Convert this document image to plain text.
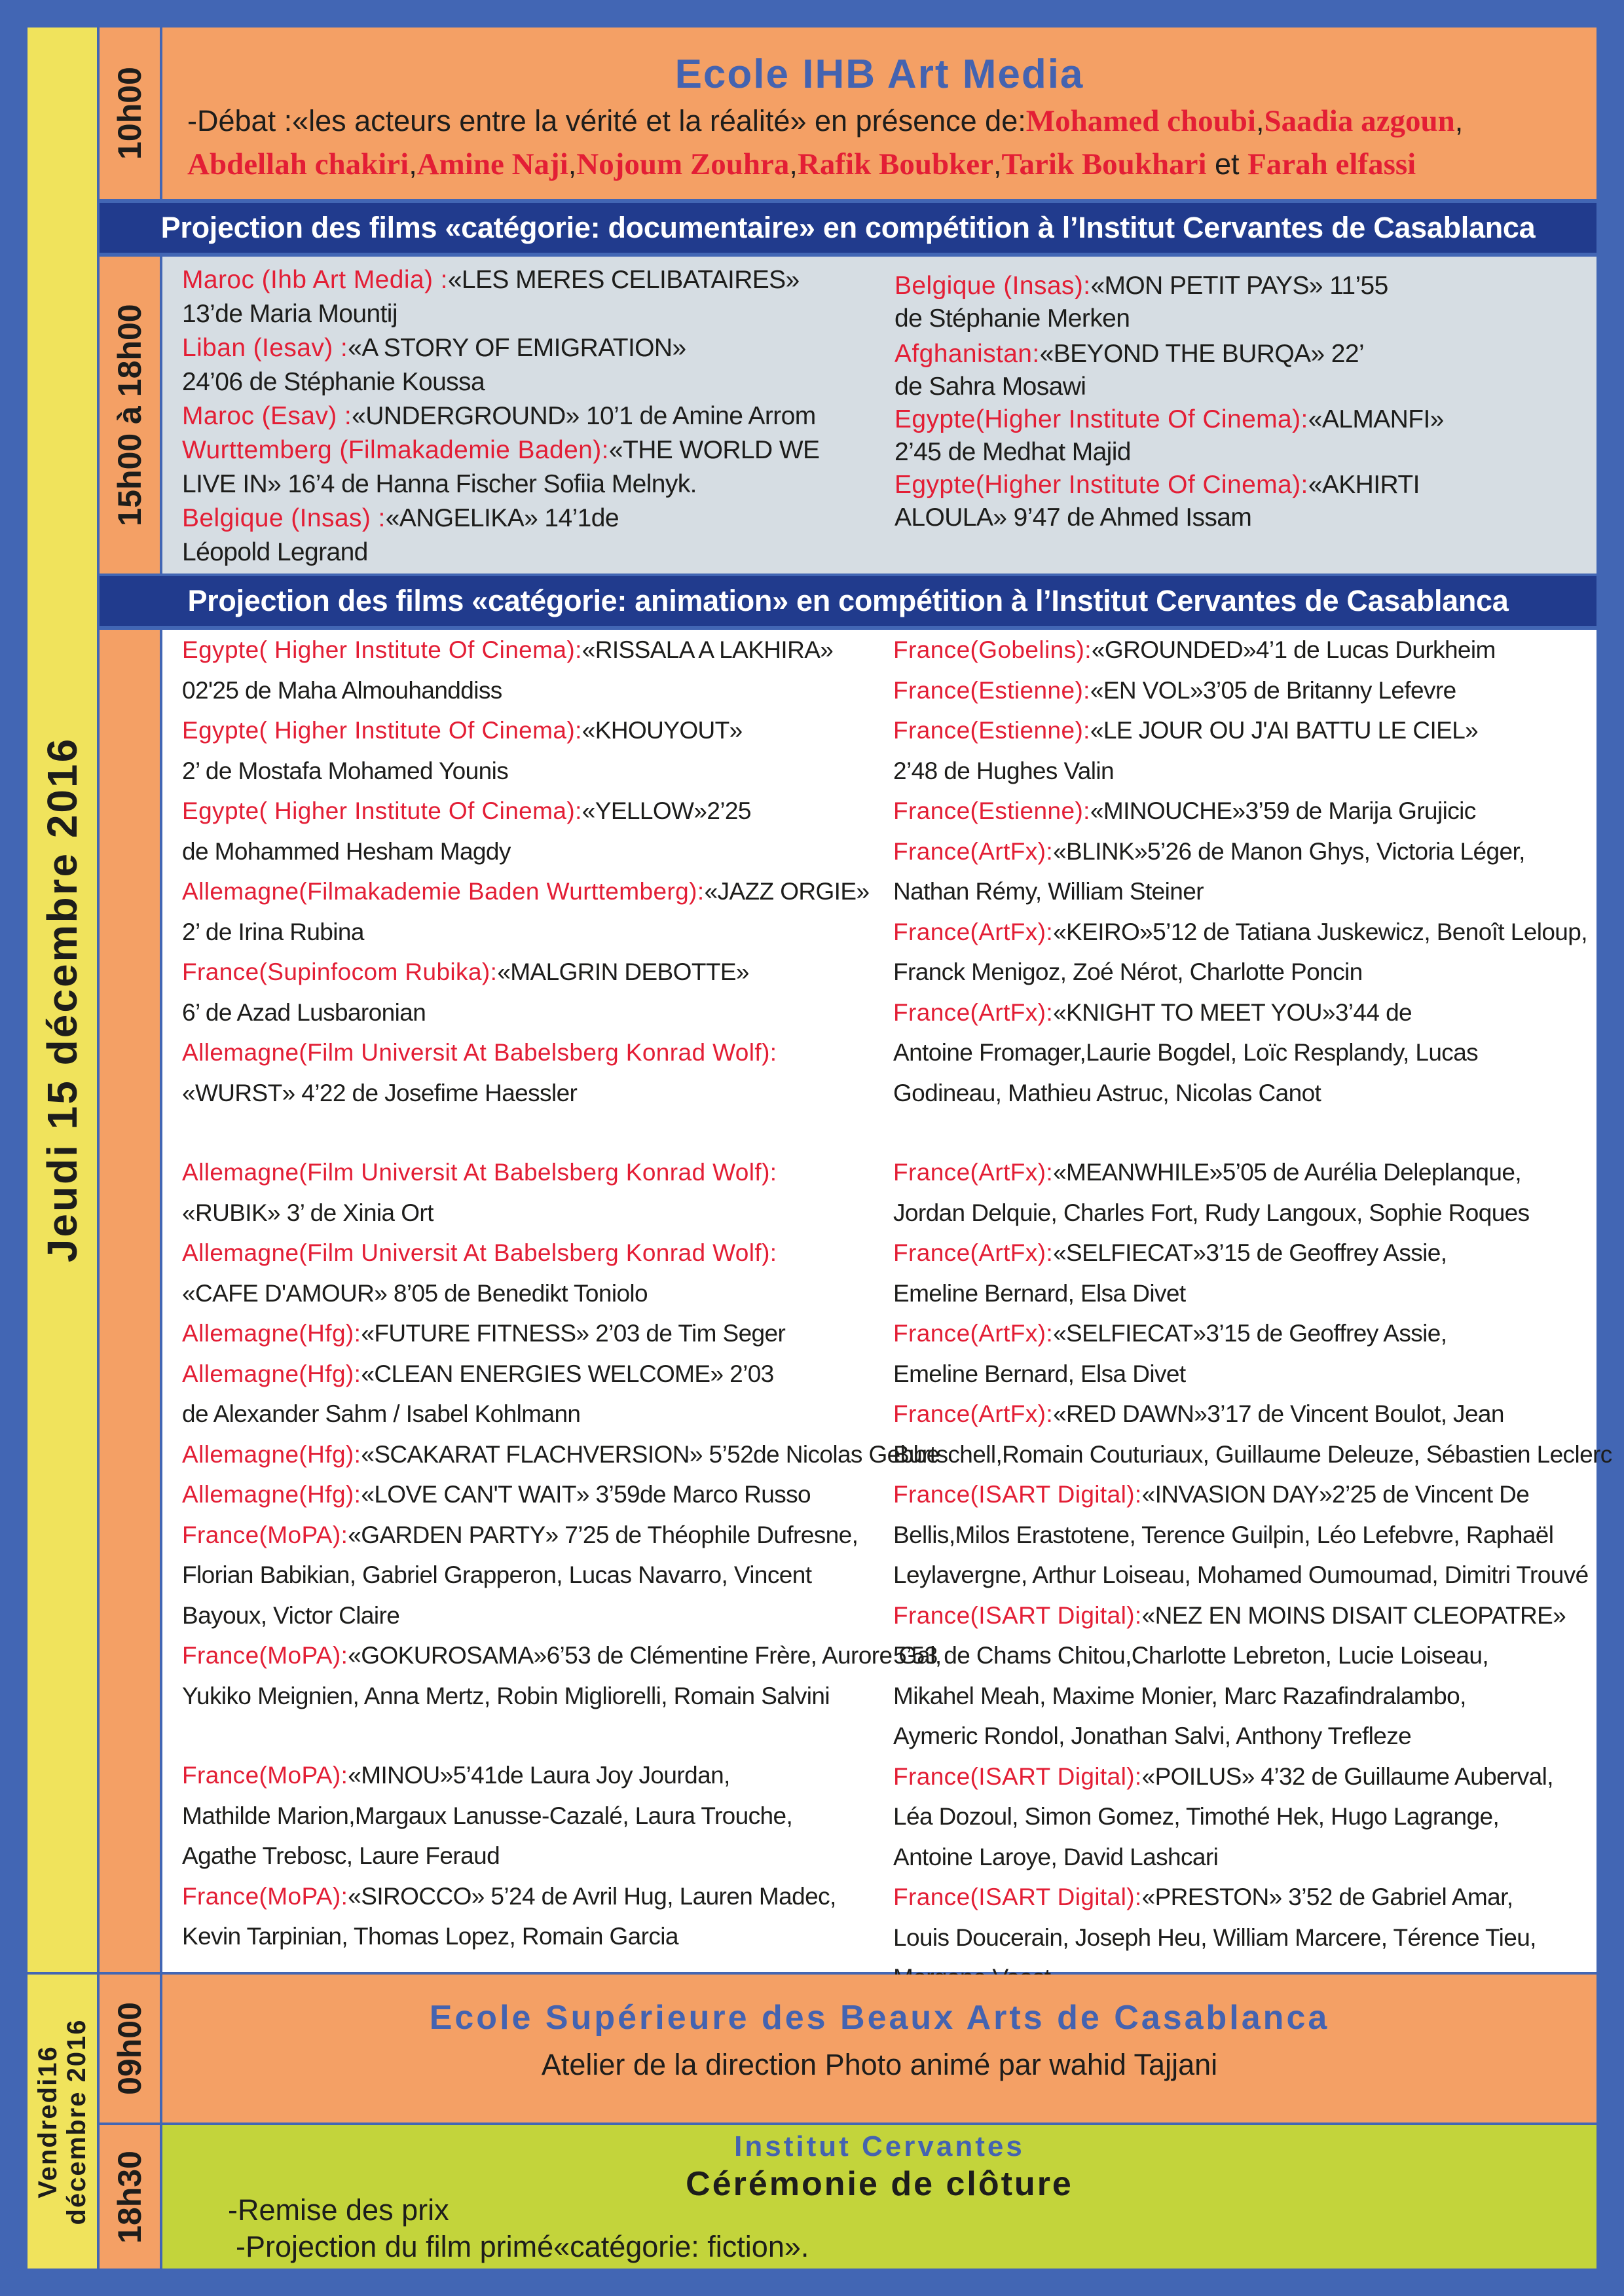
Jeudi 15 décembre 2016
Vendredi16 décembre 2016
10h00	Ecole IHB Art Media
-Débat :«les acteurs entre la vérité et la réalité» en présence de:Mohamed choubi,Saadia azgoun,
Abdellah chakiri,Amine Naji,Nojoum Zouhra,Rafik Boubker,Tarik Boukhari et Farah elfassi
Projection des films «catégorie: documentaire» en compétition à l’Institut Cervantes de Casablanca
15h00 à 18h00
Maroc (Ihb Art Media) :«LES MERES CELIBATAIRES»
13’de Maria Mountij
Liban (Iesav) :«A STORY OF EMIGRATION»
24’06 de Stéphanie Koussa
Maroc (Esav) :«UNDERGROUND» 10’1 de Amine Arrom
Wurttemberg (Filmakademie Baden):«THE WORLD WE
LIVE IN» 16’4 de Hanna Fischer Sofiia Melnyk.
Belgique (Insas) :«ANGELIKA» 14’1de
Léopold Legrand
Belgique (Insas):«MON PETIT PAYS» 11’55
de Stéphanie Merken
Afghanistan:«BEYOND THE BURQA» 22’
de Sahra Mosawi
Egypte(Higher Institute Of Cinema):«ALMANFI»
2’45 de Medhat Majid
Egypte(Higher Institute Of Cinema):«AKHIRTI
ALOULA» 9’47 de Ahmed Issam
Projection des films «catégorie: animation» en compétition à l’Institut Cervantes de Casablanca
Egypte( Higher Institute Of Cinema):«RISSALA A LAKHIRA»
02'25 de Maha Almouhanddiss
Egypte( Higher Institute Of Cinema):«KHOUYOUT»
2’ de Mostafa Mohamed Younis
Egypte( Higher Institute Of Cinema):«YELLOW»2’25
de Mohammed Hesham Magdy
Allemagne(Filmakademie Baden Wurttemberg):«JAZZ ORGIE»
2’ de Irina Rubina
France(Supinfocom Rubika):«MALGRIN DEBOTTE»
6’ de Azad Lusbaronian
Allemagne(Film Universit At Babelsberg Konrad Wolf):
«WURST» 4’22 de Josefime Haessler
Allemagne(Film Universit At Babelsberg Konrad Wolf):
«RUBIK» 3’ de Xinia Ort
Allemagne(Film Universit At Babelsberg Konrad Wolf):
«CAFE D'AMOUR» 8’05 de Benedikt Toniolo
Allemagne(Hfg):«FUTURE FITNESS» 2’03 de Tim Seger
Allemagne(Hfg):«CLEAN ENERGIES WELCOME» 2’03
de Alexander Sahm / Isabel Kohlmann
Allemagne(Hfg):«SCAKARAT FLACHVERSION» 5’52de Nicolas Gebbe
Allemagne(Hfg):«LOVE CAN'T WAIT» 3’59de Marco Russo
France(MoPA):«GARDEN PARTY» 7’25 de Théophile Dufresne,
Florian Babikian, Gabriel Grapperon, Lucas Navarro, Vincent
Bayoux, Victor Claire
France(MoPA):«GOKUROSAMA»6’53 de Clémentine Frère, Aurore Gal,
Yukiko Meignien, Anna Mertz, Robin Migliorelli, Romain Salvini
France(MoPA):«MINOU»5’41de Laura Joy Jourdan,
Mathilde Marion,Margaux Lanusse-Cazalé, Laura Trouche,
Agathe Trebosc, Laure Feraud
France(MoPA):«SIROCCO» 5’24 de Avril Hug, Lauren Madec,
Kevin Tarpinian, Thomas Lopez, Romain Garcia
France(Gobelins):«GROUNDED»4’1 de Lucas Durkheim
France(Estienne):«EN VOL»3’05 de Britanny Lefevre
France(Estienne):«LE JOUR OU J'AI BATTU LE CIEL»
2’48 de Hughes Valin
France(Estienne):«MINOUCHE»3’59 de Marija Grujicic
France(ArtFx):«BLINK»5’26 de Manon Ghys, Victoria Léger,
Nathan Rémy, William Steiner
France(ArtFx):«KEIRO»5’12 de Tatiana Juskewicz, Benoît Leloup,
Franck Menigoz, Zoé Nérot, Charlotte Poncin
France(ArtFx):«KNIGHT TO MEET YOU»3’44 de
Antoine Fromager,Laurie Bogdel, Loïc Resplandy, Lucas
Godineau, Mathieu Astruc, Nicolas Canot
France(ArtFx):«MEANWHILE»5’05 de Aurélia Deleplanque,
Jordan Delquie, Charles Fort, Rudy Langoux, Sophie Roques
France(ArtFx):«SELFIECAT»3’15 de Geoffrey Assie,
Emeline Bernard, Elsa Divet
France(ArtFx):«SELFIECAT»3’15 de Geoffrey Assie,
Emeline Bernard, Elsa Divet
France(ArtFx):«RED DAWN»3’17 de Vincent Boulot, Jean
Burtschell,Romain Couturiaux, Guillaume Deleuze, Sébastien Leclerc
France(ISART Digital):«INVASION DAY»2’25 de Vincent De
Bellis,Milos Erastotene, Terence Guilpin, Léo Lefebvre, Raphaël
Leylavergne, Arthur Loiseau, Mohamed Oumoumad, Dimitri Trouvé
France(ISART Digital):«NEZ EN MOINS DISAIT CLEOPATRE»
5’53 de Chams Chitou,Charlotte Lebreton, Lucie Loiseau,
Mikahel Meah, Maxime Monier, Marc Razafindralambo,
Aymeric Rondol, Jonathan Salvi, Anthony Trefleze
France(ISART Digital):«POILUS» 4’32 de Guillaume Auberval,
Léa Dozoul, Simon Gomez, Timothé Hek, Hugo Lagrange,
Antoine Laroye, David Lashcari
France(ISART Digital):«PRESTON» 3’52 de Gabriel Amar,
Louis Doucerain, Joseph Heu, William Marcere, Térence Tieu,
09h00	Ecole Supérieure des Beaux Arts de Casablanca
Atelier de la direction Photo animé par wahid Tajjani
18h30
Institut Cervantes
Cérémonie de clôture
-Remise des prix
-Projection du film primé«catégorie: fiction».
